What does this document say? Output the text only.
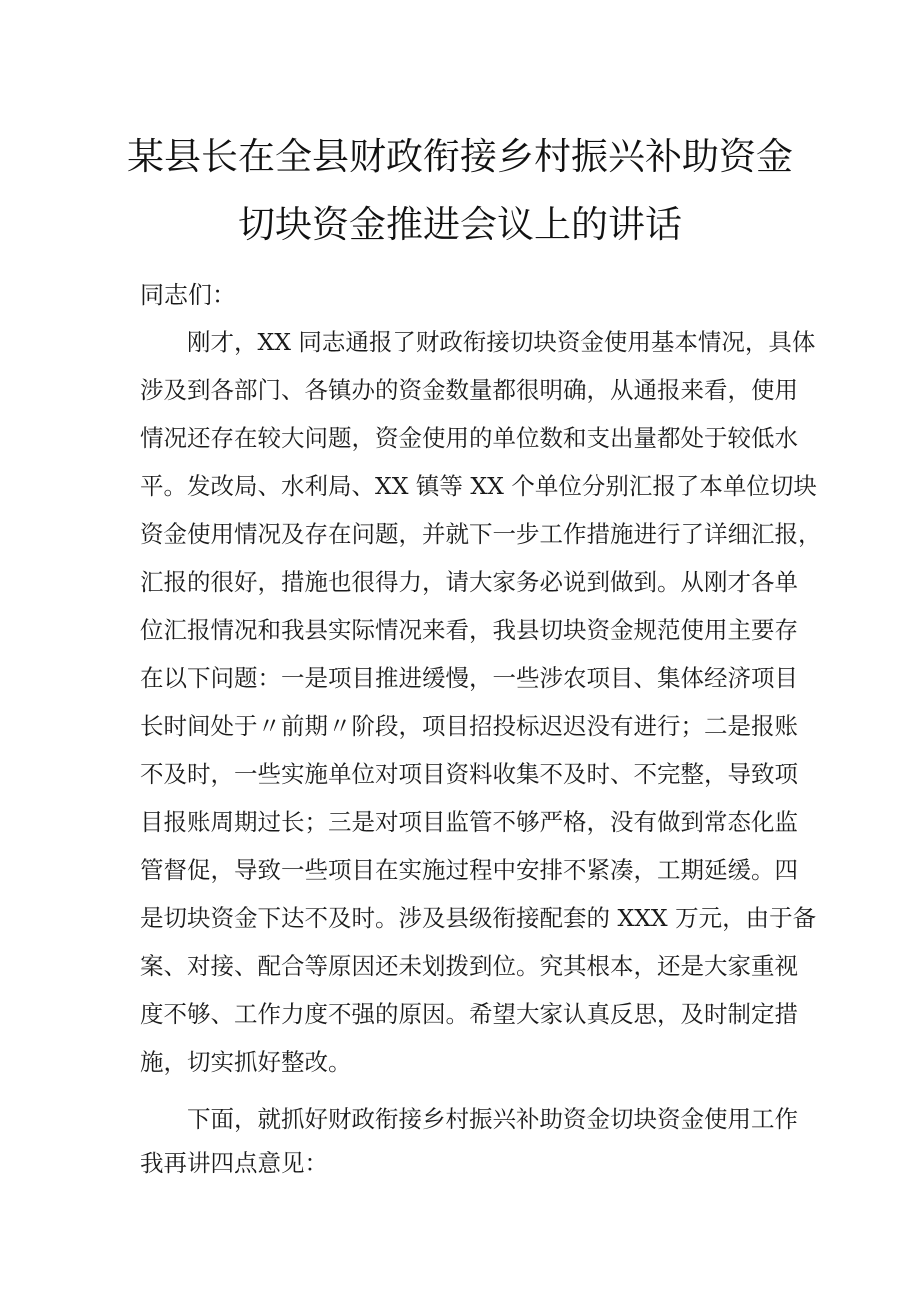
某县长在全县财政衔接乡村振兴补助资金
切块资金推进会议上的讲话
同志们：
刚才，XX 同志通报了财政衔接切块资金使用基本情况，具体
涉及到各部门、各镇办的资金数量都很明确，从通报来看，使用
情况还存在较大问题，资金使用的单位数和支出量都处于较低水
平。发改局、水利局、XX 镇等 XX 个单位分别汇报了本单位切块
资金使用情况及存在问题，并就下一步工作措施进行了详细汇报，
汇报的很好，措施也很得力，请大家务必说到做到。从刚才各单
位汇报情况和我县实际情况来看，我县切块资金规范使用主要存
在以下问题：一是项目推进缓慢，一些涉农项目、集体经济项目
长时间处于〃前期〃阶段，项目招投标迟迟没有进行；二是报账
不及时，一些实施单位对项目资料收集不及时、不完整，导致项
目报账周期过长；三是对项目监管不够严格，没有做到常态化监
管督促，导致一些项目在实施过程中安排不紧凑，工期延缓。四
是切块资金下达不及时。涉及县级衔接配套的 XXX 万元，由于备
案、对接、配合等原因还未划拨到位。究其根本，还是大家重视
度不够、工作力度不强的原因。希望大家认真反思，及时制定措
施，切实抓好整改。
下面，就抓好财政衔接乡村振兴补助资金切块资金使用工作
我再讲四点意见：
